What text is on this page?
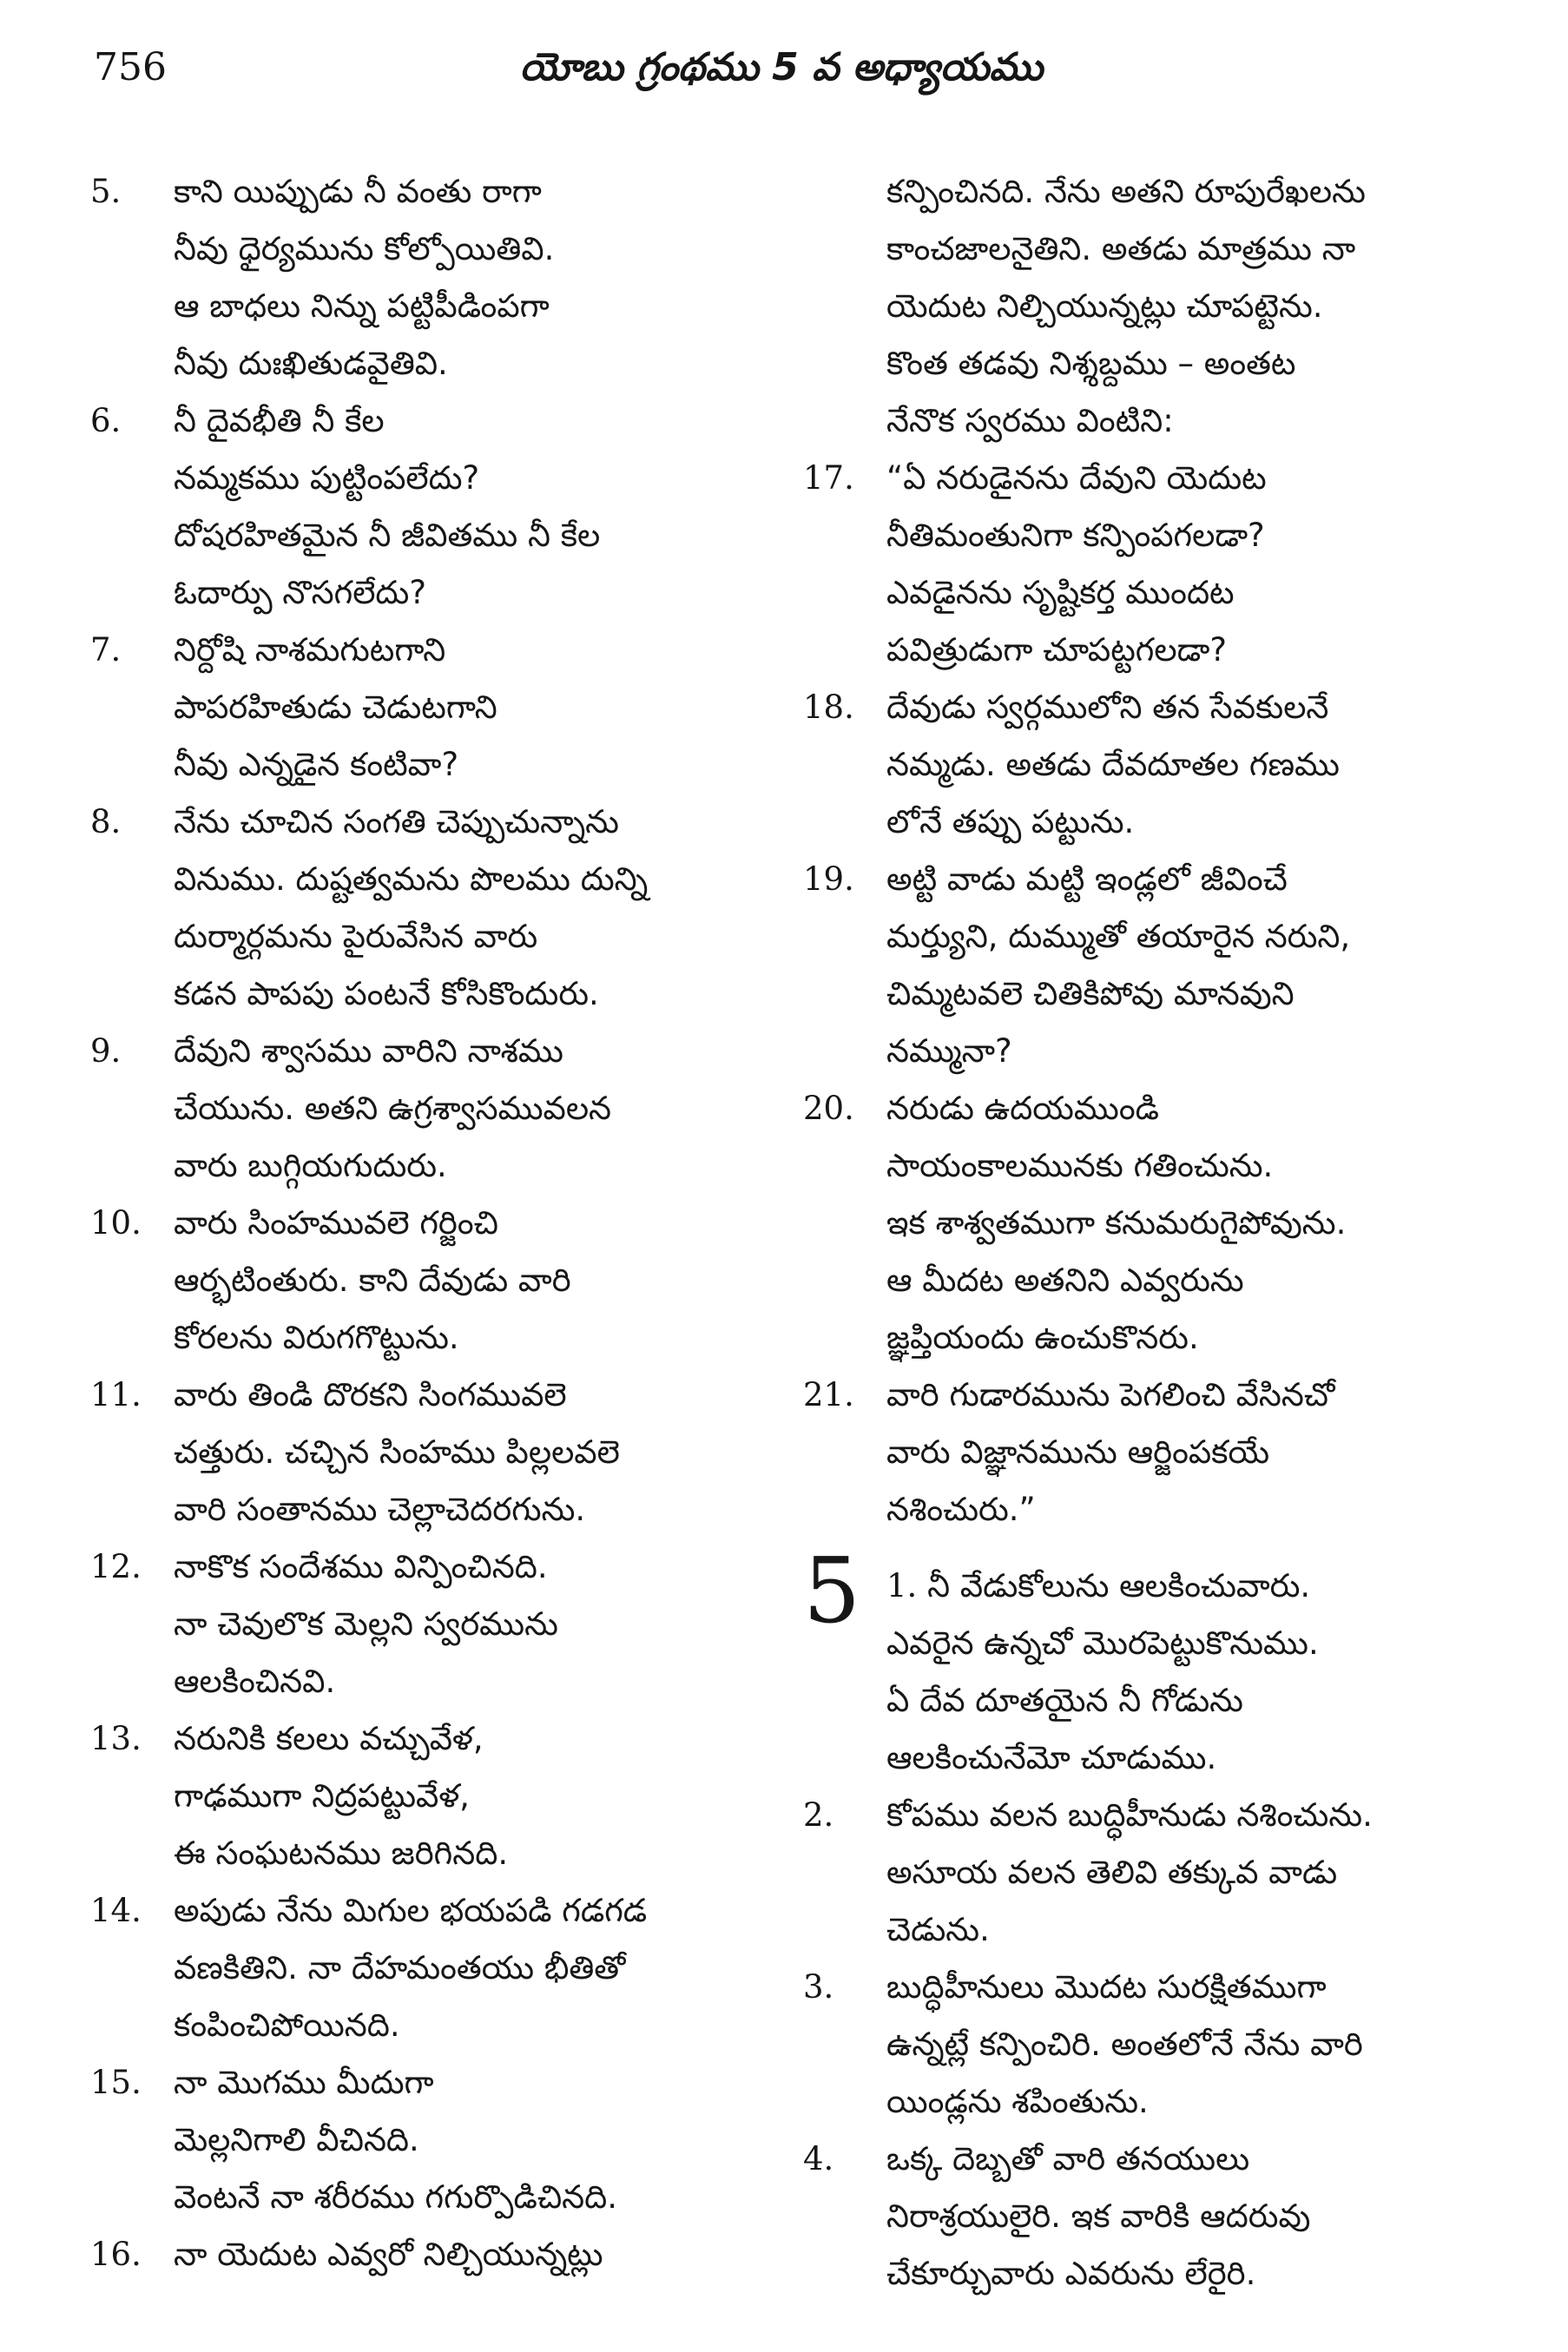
756	యోబు గ్రంథము 5 వ అధ్యాయము
5. కాని యిప్పుడు నీ వంతు రాగా
నీవు ధైర్యమును కోల్పోయితివి.
ఆ బాధలు నిన్ను పట్టిపీడింపగా
నీవు దుఃఖితుడవైతివి.
6. నీ దైవభీతి నీ కేల
నమ్మకము పుట్టింపలేదు?
దోషరహితమైన నీ జీవితము నీ కేల
ఓదార్పు నొసగలేదు?
7. నిర్దోషి నాశమగుటగాని
పాపరహితుడు చెడుటగాని
నీవు ఎన్నడైన కంటివా?
8. నేను చూచిన సంగతి చెప్పుచున్నాను
వినుము. దుష్టత్వమను పొలము దున్ని
దుర్మార్గమను పైరువేసిన వారు
కడన పాపపు పంటనే కోసికొందురు.
9. దేవుని శ్వాసము వారిని నాశము
చేయును. అతని ఉగ్రశ్వాసమువలన
వారు బుగ్గియగుదురు.
10. వారు సింహమువలె గర్జించి
ఆర్భటింతురు. కాని దేవుడు వారి
కోరలను విరుగగొట్టును.
11. వారు తిండి దొరకని సింగమువలె
చత్తురు. చచ్చిన సింహము పిల్లలవలె
వారి సంతానము చెల్లాచెదరగును.
12. నాకొక సందేశము విన్పించినది.
నా చెవులొక మెల్లని స్వరమును
ఆలకించినవి.
13. నరునికి కలలు వచ్చువేళ,
గాఢముగా నిద్రపట్టువేళ,
ఈ సంఘటనము జరిగినది.
14. అపుడు నేను మిగుల భయపడి గడగడ
వణకితిని. నా దేహమంతయు భీతితో
కంపించిపోయినది.
15. నా మొగము మీదుగా
మెల్లనిగాలి వీచినది.
వెంటనే నా శరీరము గగుర్పొడిచినది.
16. నా యెదుట ఎవ్వరో నిల్చియున్నట్లు
కన్పించినది. నేను అతని రూపురేఖలను
కాంచజాలనైతిని. అతడు మాత్రము నా
యెదుట నిల్చియున్నట్లు చూపట్టెను.
కొంత తడవు నిశ్శబ్దము – అంతట
నేనొక స్వరము వింటిని:
17. “ఏ నరుడైనను దేవుని యెదుట
నీతిమంతునిగా కన్పింపగలడా?
ఎవడైనను సృష్టికర్త ముందట
పవిత్రుడుగా చూపట్టగలడా?
18. దేవుడు స్వర్గములోని తన సేవకులనే
నమ్మడు. అతడు దేవదూతల గణము
లోనే తప్పు పట్టును.
19. అట్టి వాడు మట్టి ఇండ్లలో జీవించే
మర్త్యుని, దుమ్ముతో తయారైన నరుని,
చిమ్మటవలె చితికిపోవు మానవుని
నమ్మునా?
20. నరుడు ఉదయముండి
సాయంకాలమునకు గతించును.
ఇక శాశ్వతముగా కనుమరుగైపోవును.
ఆ మీదట అతనిని ఎవ్వరును
జ్ఞప్తియందు ఉంచుకొనరు.
21. వారి గుడారమును పెగలించి వేసినచో
వారు విజ్ఞానమును ఆర్జింపకయే
నశించురు.”
5 1. నీ వేడుకోలును ఆలకించువారు.
ఎవరైన ఉన్నచో మొరపెట్టుకొనుము.
ఏ దేవ దూతయైన నీ గోడును
ఆలకించునేమో చూడుము.
2. కోపము వలన బుద్ధిహీనుడు నశించును.
అసూయ వలన తెలివి తక్కువ వాడు
చెడును.
3. బుద్ధిహీనులు మొదట సురక్షితముగా
ఉన్నట్లే కన్పించిరి. అంతలోనే నేను వారి
యిండ్లను శపింతును.
4. ఒక్క దెబ్బతో వారి తనయులు
నిరాశ్రయులైరి. ఇక వారికి ఆదరువు
చేకూర్చువారు ఎవరును లేరైరి.
